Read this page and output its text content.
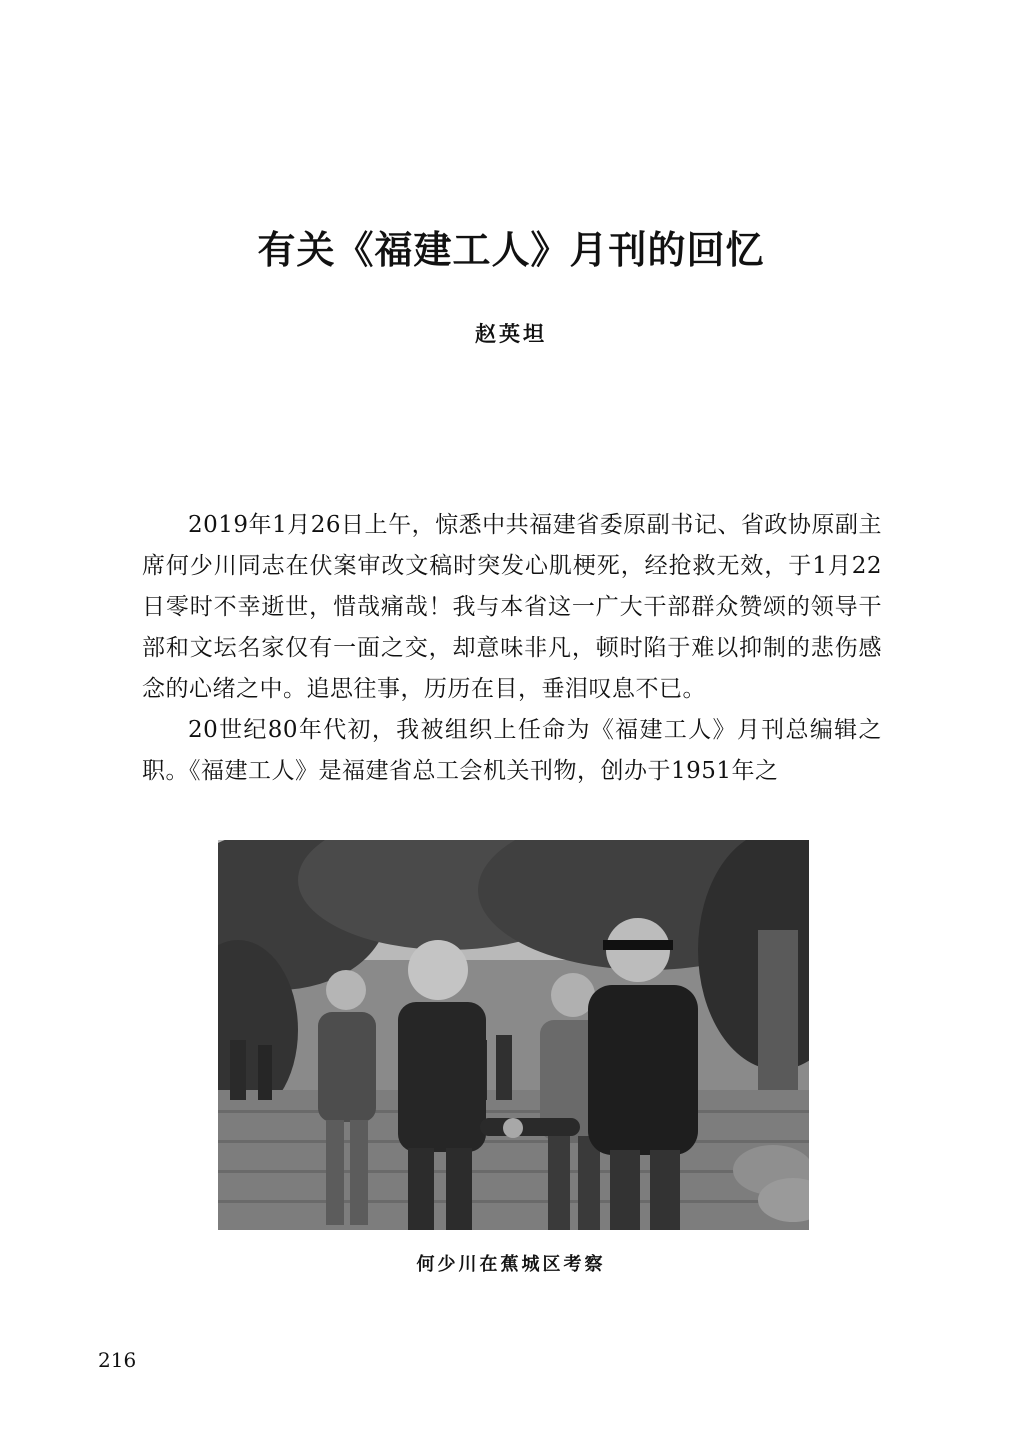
有关《福建工人》月刊的回忆
赵英坦

2019年1月26日上午，惊悉中共福建省委原副书记、省政协原副主席何少川同志在伏案审改文稿时突发心肌梗死，经抢救无效，于1月22日零时不幸逝世，惜哉痛哉！我与本省这一广大干部群众赞颂的领导干部和文坛名家仅有一面之交，却意味非凡，顿时陷于难以抑制的悲伤感念的心绪之中。追思往事，历历在目，垂泪叹息不已。

20世纪80年代初，我被组织上任命为《福建工人》月刊总编辑之职。《福建工人》是福建省总工会机关刊物，创办于1951年之

何少川在蕉城区考察
216
